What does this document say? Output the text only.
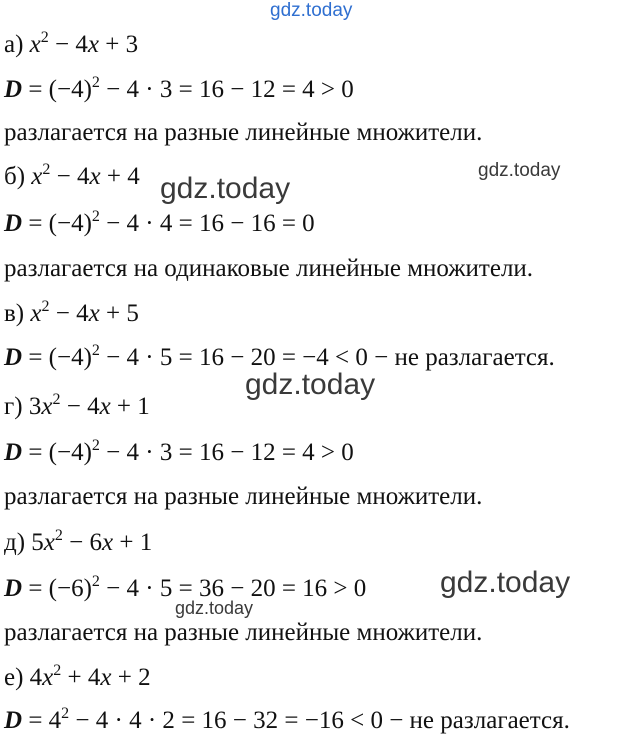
gdz.today
gdz.today
gdz.today
gdz.today
gdz.today
gdz.today
а) $x^2 - 4x + 3$
$D = (-4)^2 - 4 \cdot 3 = 16 - 12 = 4 > 0$
разлагается на разные линейные множители.
б) $x^2 - 4x + 4$
$D = (-4)^2 - 4 \cdot 4 = 16 - 16 = 0$
разлагается на одинаковые линейные множители.
в) $x^2 - 4x + 5$
$D = (-4)^2 - 4 \cdot 5 = 16 - 20 = -4 < 0$ − не разлагается.
г) $3x^2 - 4x + 1$
$D = (-4)^2 - 4 \cdot 3 = 16 - 12 = 4 > 0$
разлагается на разные линейные множители.
д) $5x^2 - 6x + 1$
$D = (-6)^2 - 4 \cdot 5 = 36 - 20 = 16 > 0$
разлагается на разные линейные множители.
е) $4x^2 + 4x + 2$
$D = 4^2 - 4 \cdot 4 \cdot 2 = 16 - 32 = -16 < 0$ − не разлагается.
